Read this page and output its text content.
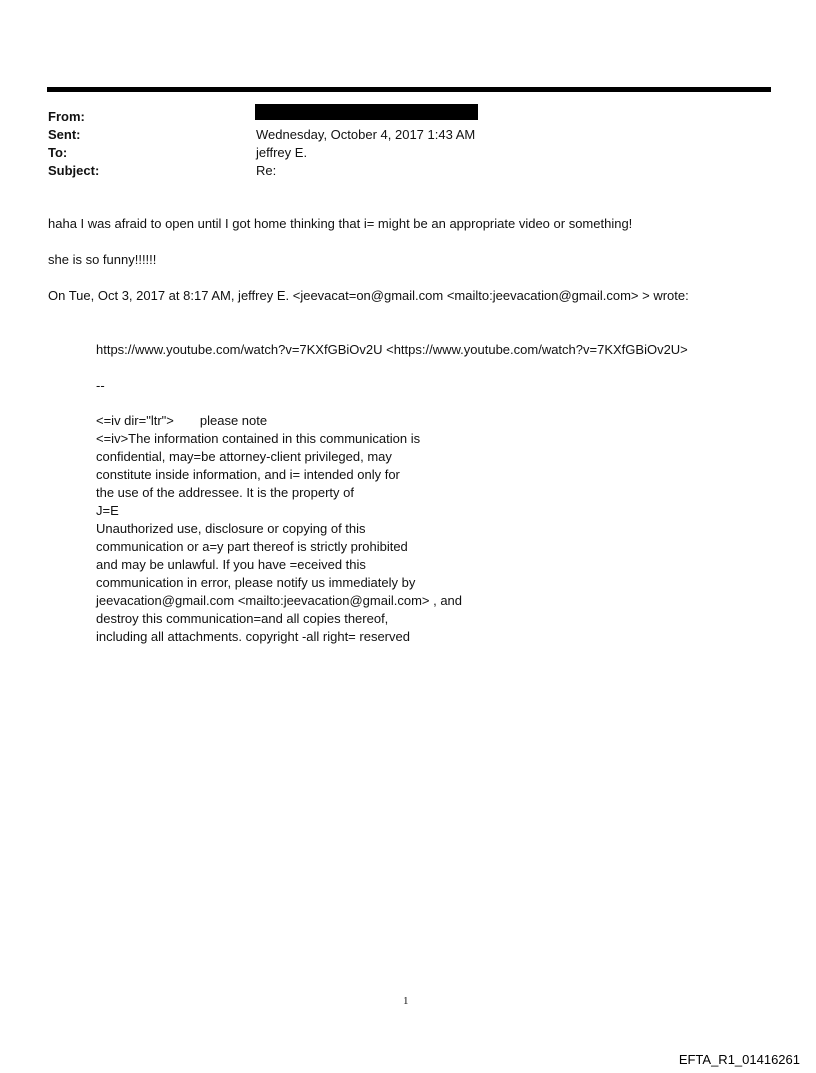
From:
Sent:	Wednesday, October 4, 2017 1:43 AM
To:	jeffrey E.
Subject:	Re:
haha I was afraid to open until I got home thinking that i= might be an appropriate video or something!
she is so funny!!!!!!
On Tue, Oct 3, 2017 at 8:17 AM, jeffrey E. <jeevacat=on@gmail.com <mailto:jeevacation@gmail.com> > wrote:
https://www.youtube.com/watch?v=7KXfGBiOv2U <https://www.youtube.com/watch?v=7KXfGBiOv2U>
--
<=iv dir="ltr"> please note
<=iv>The information contained in this communication is
confidential, may=be attorney-client privileged, may
constitute inside information, and i= intended only for
the use of the addressee. It is the property of
J=E
Unauthorized use, disclosure or copying of this
communication or a=y part thereof is strictly prohibited
and may be unlawful. If you have =eceived this
communication in error, please notify us immediately by
jeevacation@gmail.com <mailto:jeevacation@gmail.com> , and
destroy this communication=and all copies thereof,
including all attachments. copyright -all right= reserved
1
EFTA_R1_01416261
